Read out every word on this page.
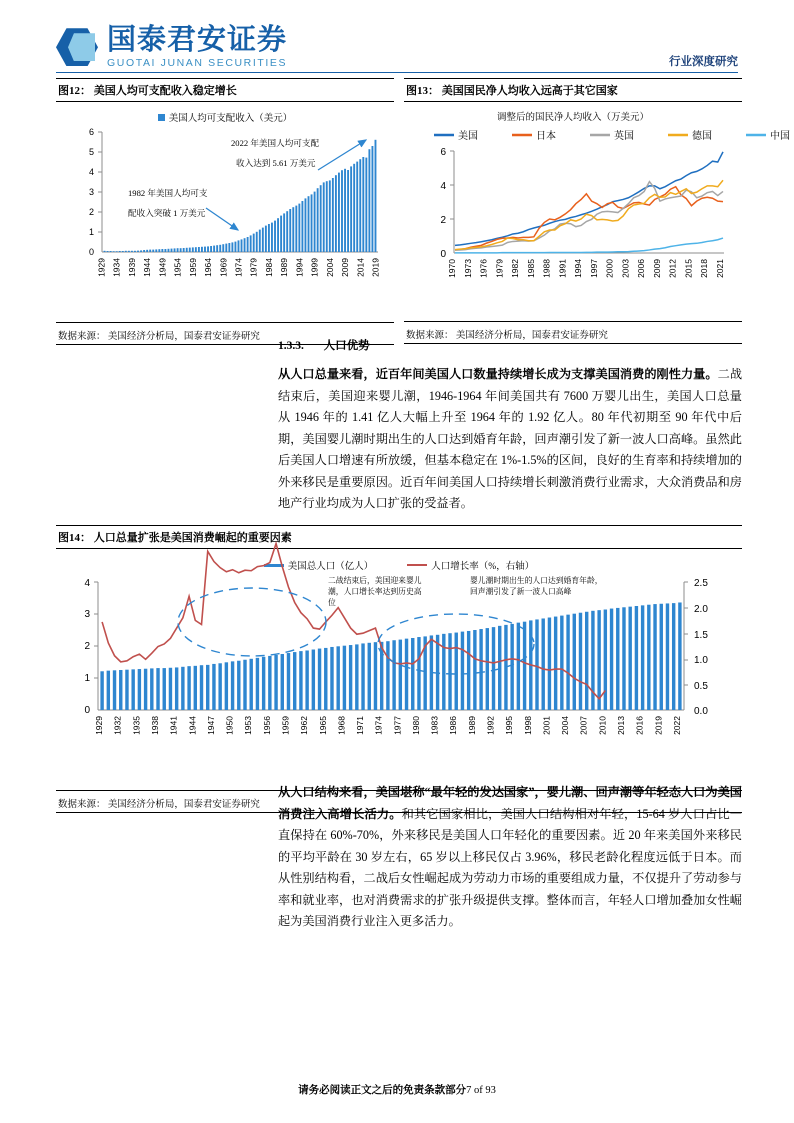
国泰君安证券
GUOTAI JUNAN SECURITIES	行业深度研究
图12： 美国人均可支配收入稳定增长
美国人均可支配收入（美元）
6
5
4
3
2
1
0
1929 1934 1939 1944 1949 1954 1959 1964 1969 1974 1979 1984 1989 1994 1999 2004 2009 2014 2019
2022 年美国人均可支配
收入达到 5.61 万美元
1982 年美国人均可支
配收入突破 1 万美元
数据来源： 美国经济分析局，国泰君安证券研究
图13： 美国国民净人均收入远高于其它国家
调整后的国民净人均收入（万美元）
美国	日本	英国	德国	中国
6
4
2
0
1970 1973 1976 1979 1982 1985 1988 1991 1994 1997 2000 2003 2006 2009 2012 2015 2018 2021
数据来源： 美国经济分析局，国泰君安证券研究
1.3.3. 人口优势
从人口总量来看，近百年间美国人口数量持续增长成为支撑美国消费的刚性力量。二战结束后，美国迎来婴儿潮，1946-1964 年间美国共有 7600 万婴儿出生，美国人口总量从 1946 年的 1.41 亿人大幅上升至 1964 年的 1.92 亿人。80 年代初期至 90 年代中后期，美国婴儿潮时期出生的人口达到婚育年龄，回声潮引发了新一波人口高峰。虽然此后美国人口增速有所放缓，但基本稳定在 1%-1.5%的区间，良好的生育率和持续增加的外来移民是重要原因。近百年间美国人口持续增长刺激消费行业需求，大众消费品和房地产行业均成为人口扩张的受益者。
图14： 人口总量扩张是美国消费崛起的重要因素
美国总人口（亿人）	人口增长率（%，右轴）
4
3
2
1
0
2.5
2.0
1.5
1.0
0.5
0.0
二战结束后，美国迎来婴儿
潮，人口增长率达到历史高
位
婴儿潮时期出生的人口达到婚育年龄，
回声潮引发了新一波人口高峰
1929 1932 1935 1938 1941 1944 1947 1950 1953 1956 1959 1962 1965 1968 1971 1974 1977 1980 1983 1986 1989 1992 1995 1998 2001 2004 2007 2010 2013 2016 2019 2022
数据来源： 美国经济分析局，国泰君安证券研究
从人口结构来看，美国堪称“最年轻的发达国家”，婴儿潮、回声潮等年轻态人口为美国消费注入高增长活力。和其它国家相比，美国人口结构相对年轻，15-64 岁人口占比一直保持在 60%-70%，外来移民是美国人口年轻化的重要因素。近 20 年来美国外来移民的平均平龄在 30 岁左右，65 岁以上移民仅占 3.96%，移民老龄化程度远低于日本。而从性别结构看，二战后女性崛起成为劳动力市场的重要组成力量，不仅提升了劳动参与率和就业率，也对消费需求的扩张升级提供支撑。整体而言，年轻人口增加叠加女性崛起为美国消费行业注入更多活力。
请务必阅读正文之后的免责条款部分7 of 93
